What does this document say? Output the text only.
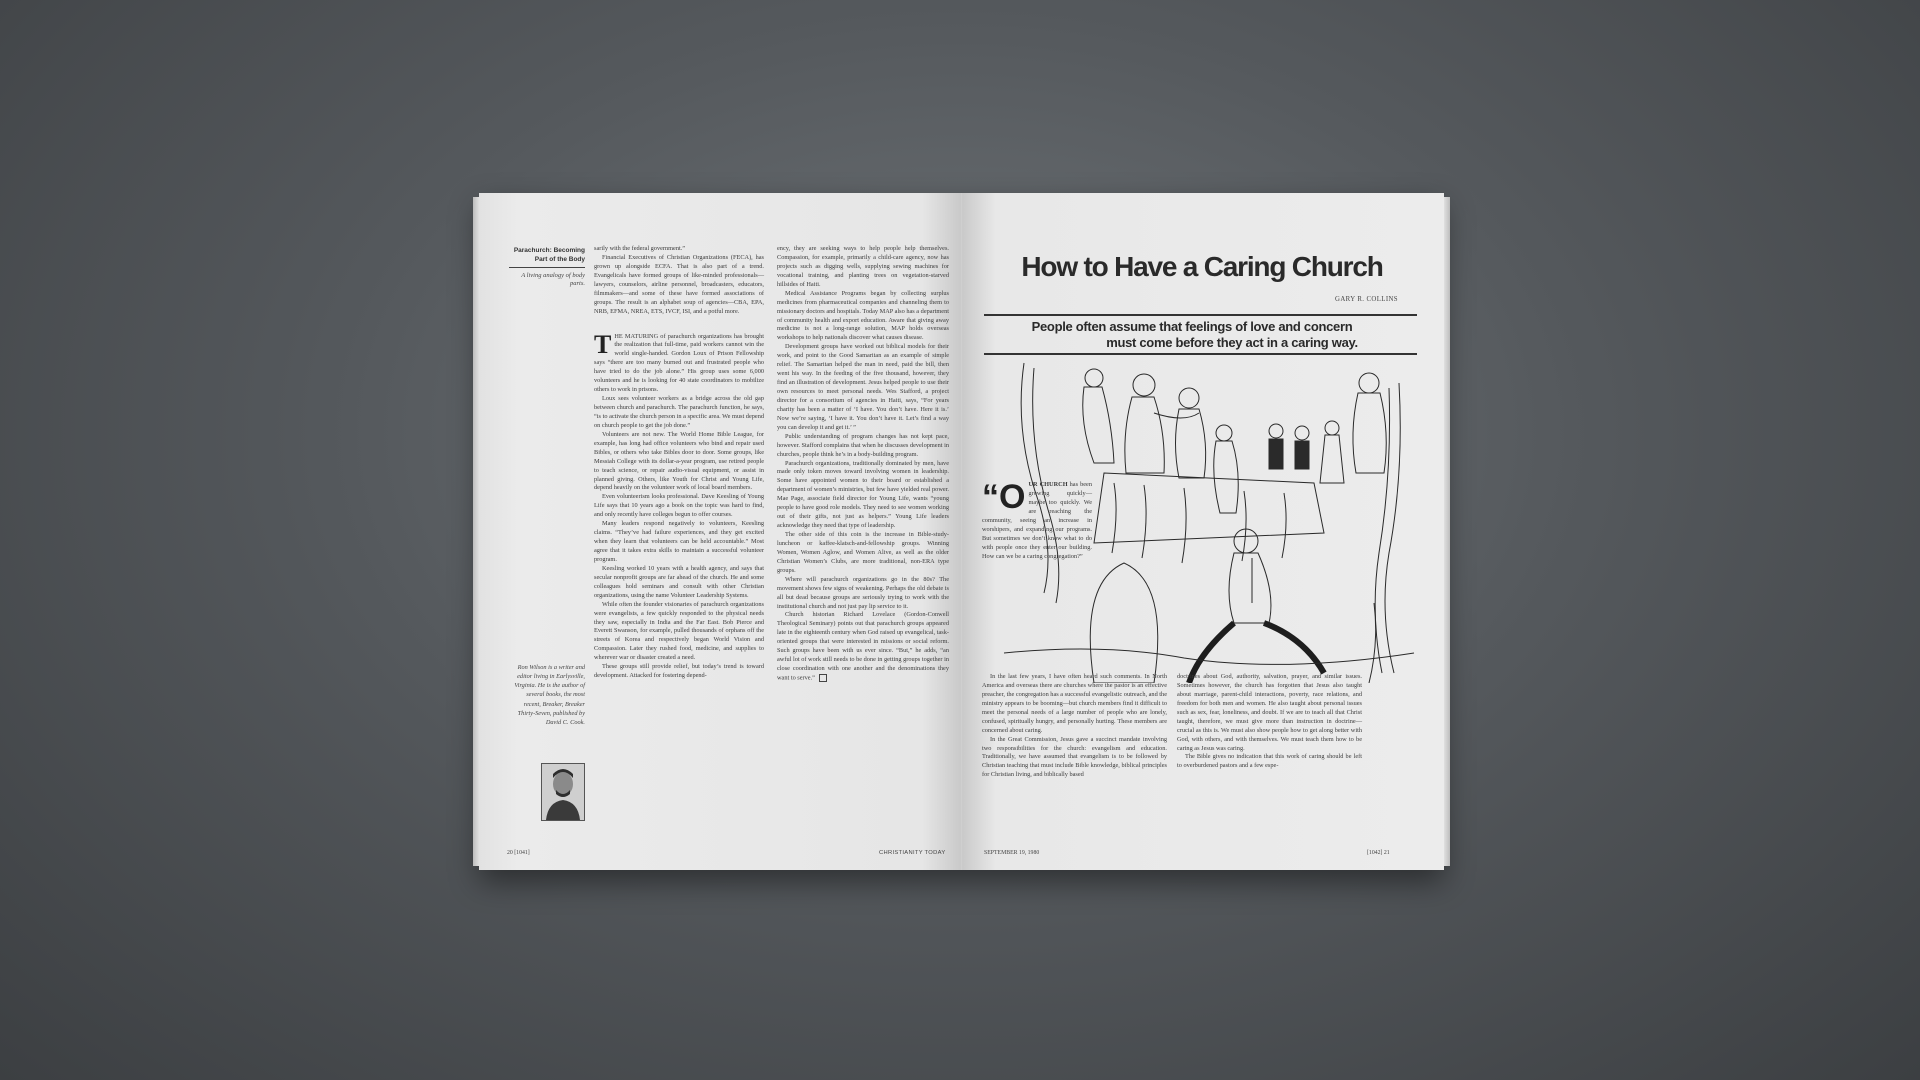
Parachurch: Becoming Part of the Body
A living analogy of body parts.

sarily with the federal government.”

Financial Executives of Christian Organizations (FECA), has grown up alongside ECFA. That is also part of a trend. Evangelicals have formed groups of like-minded professionals—lawyers, counselors, airline personnel, broadcasters, educators, filmmakers—and some of these have formed associations of groups. The result is an alphabet soup of agencies—CBA, EPA, NRB, EFMA, NREA, ETS, IVCF, ISI, and a potful more.

THE MATURING of parachurch organizations has brought the realization that full-time, paid workers cannot win the world single-handed. Gordon Loux of Prison Fellowship says “there are too many burned out and frustrated people who have tried to do the job alone.” His group uses some 6,000 volunteers and he is looking for 40 state coordinators to mobilize others to work in prisons.

Loux sees volunteer workers as a bridge across the old gap between church and parachurch. The parachurch function, he says, “is to activate the church person in a specific area. We must depend on church people to get the job done.”

Volunteers are not new. The World Home Bible League, for example, has long had office volunteers who bind and repair used Bibles, or others who take Bibles door to door. Some groups, like Messiah College with its dollar-a-year program, use retired people to teach science, or repair audio-visual equipment, or assist in planned giving. Others, like Youth for Christ and Young Life, depend heavily on the volunteer work of local board members.

Even volunteerism looks professional. Dave Keesling of Young Life says that 10 years ago a book on the topic was hard to find, and only recently have colleges begun to offer courses.

Many leaders respond negatively to volunteers, Keesling claims. “They’ve had failure experiences, and they get excited when they learn that volunteers can be held accountable.” Most agree that it takes extra skills to maintain a successful volunteer program.

Keesling worked 10 years with a health agency, and says that secular nonprofit groups are far ahead of the church. He and some colleagues hold seminars and consult with other Christian organizations, using the name Volunteer Leadership Systems.

While often the founder visionaries of parachurch organizations were evangelists, a few quickly responded to the physical needs they saw, especially in India and the Far East. Bob Pierce and Everett Swanson, for example, pulled thousands of orphans off the streets of Korea and respectively began World Vision and Compassion. Later they rushed food, medicine, and supplies to wherever war or disaster created a need.

These groups still provide relief, but today’s trend is toward development. Attacked for fostering depend-

ency, they are seeking ways to help people help themselves. Compassion, for example, primarily a child-care agency, now has projects such as digging wells, supplying sewing machines for vocational training, and planting trees on vegetation-starved hillsides of Haiti.

Medical Assistance Programs began by collecting surplus medicines from pharmaceutical companies and channeling them to missionary doctors and hospitals. Today MAP also has a department of community health and export education. Aware that giving away medicine is not a long-range solution, MAP holds overseas workshops to help nationals discover what causes disease.

Development groups have worked out biblical models for their work, and point to the Good Samaritan as an example of simple relief. The Samaritan helped the man in need, paid the bill, then went his way. In the feeding of the five thousand, however, they find an illustration of development. Jesus helped people to use their own resources to meet personal needs. Wes Stafford, a project director for a consortium of agencies in Haiti, says, “For years charity has been a matter of ‘I have. You don’t have. Here it is.’ Now we’re saying, ‘I have it. You don’t have it. Let’s find a way you can develop it and get it.’ ”

Public understanding of program changes has not kept pace, however. Stafford complains that when he discusses development in churches, people think he’s in a body-building program.

Parachurch organizations, traditionally dominated by men, have made only token moves toward involving women in leadership. Some have appointed women to their board or established a department of women’s ministries, but few have yielded real power. Mae Page, associate field director for Young Life, wants “young people to have good role models. They need to see women working out of their gifts, not just as helpers.” Young Life leaders acknowledge they need that type of leadership.

The other side of this coin is the increase in Bible-study-luncheon or kaffee-klatsch-and-fellowship groups. Winning Women, Women Aglow, and Women Alive, as well as the older Christian Women’s Clubs, are more traditional, non-ERA type groups.

Where will parachurch organizations go in the 80s? The movement shows few signs of weakening. Perhaps the old debate is all but dead because groups are seriously trying to work with the institutional church and not just pay lip service to it.

Church historian Richard Lovelace (Gordon-Conwell Theological Seminary) points out that parachurch groups appeared late in the eighteenth century when God raised up evangelical, task-oriented groups that were interested in missions or social reform. Such groups have been with us ever since. “But,” he adds, “an awful lot of work still needs to be done in getting groups together in close coordination with one another and the denominations they want to serve.”

Ron Wilson is a writer and editor living in Earlysville, Virginia. He is the author of several books, the most recent, Breaker, Breaker Thirty-Seven, published by David C. Cook.
20 [1041]	CHRISTIANITY TODAY
How to Have a Caring Church
GARY R. COLLINS
People often assume that feelings of love and concern
must come before they act in a caring way.

“OUR CHURCH has been growing quickly—maybe too quickly. We are reaching the community, seeing an increase in worshipers, and expanding our programs. But sometimes we don’t know what to do with people once they enter our building. How can we be a caring congregation?”

In the last few years, I have often heard such comments. In North America and overseas there are churches where the pastor is an effective preacher, the congregation has a successful evangelistic outreach, and the ministry appears to be booming—but church members find it difficult to meet the personal needs of a large number of people who are lonely, confused, spiritually hungry, and personally hurting. These members are concerned about caring.

In the Great Commission, Jesus gave a succinct mandate involving two responsibilities for the church: evangelism and education. Traditionally, we have assumed that evangelism is to be followed by Christian teaching that must include Bible knowledge, biblical principles for Christian living, and biblically based

doctrines about God, authority, salvation, prayer, and similar issues. Sometimes however, the church has forgotten that Jesus also taught about marriage, parent-child interactions, poverty, race relations, and freedom for both men and women. He also taught about personal issues such as sex, fear, loneliness, and doubt. If we are to teach all that Christ taught, therefore, we must give more than instruction in doctrine—crucial as this is. We must also show people how to get along better with God, with others, and with themselves. We must teach them how to be caring as Jesus was caring.

The Bible gives no indication that this work of caring should be left to overburdened pastors and a few espe-

SEPTEMBER 19, 1980	[1042] 21
